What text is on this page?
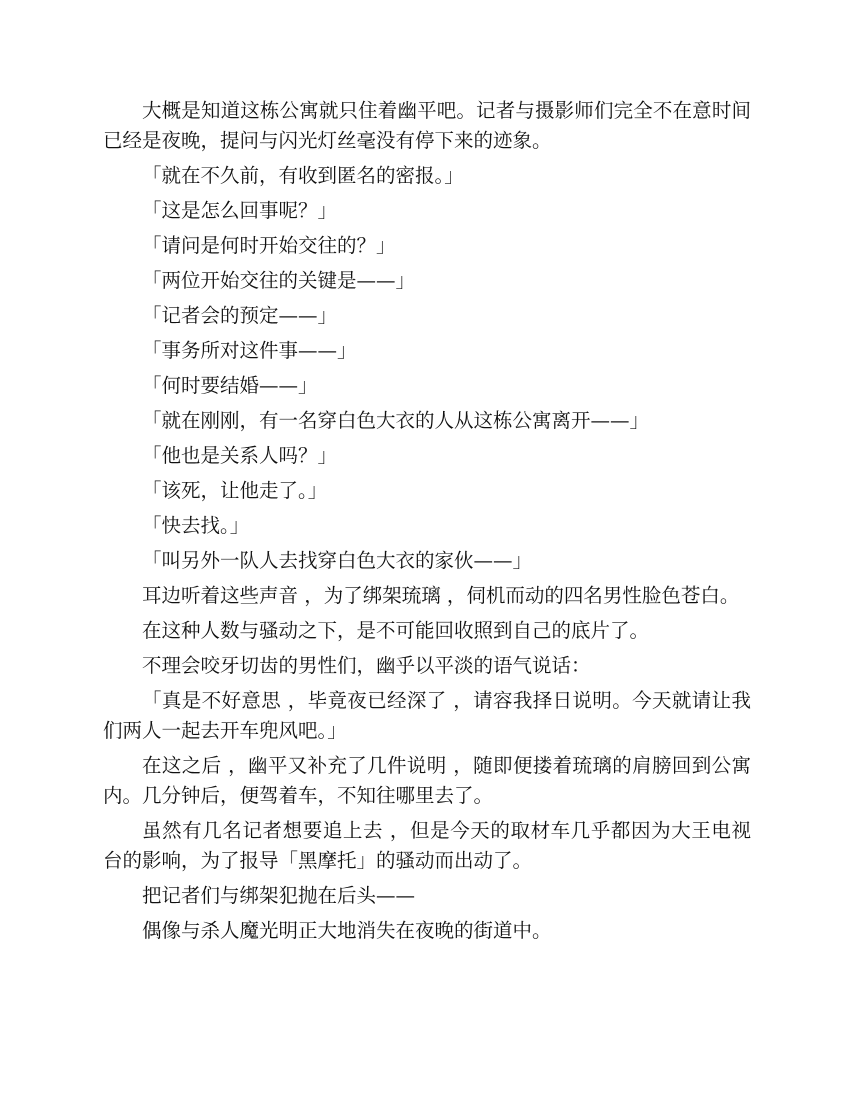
大概是知道这栋公寓就只住着幽平吧。记者与摄影师们完全不在意时间已经是夜晚，提问与闪光灯丝毫没有停下来的迹象。

「就在不久前，有收到匿名的密报。」

「这是怎么回事呢？」

「请问是何时开始交往的？」

「两位开始交往的关键是——」

「记者会的预定——」

「事务所对这件事——」

「何时要结婚——」

「就在刚刚，有一名穿白色大衣的人从这栋公寓离开——」

「他也是关系人吗？」

「该死，让他走了。」

「快去找。」

「叫另外一队人去找穿白色大衣的家伙——」

耳边听着这些声音 ，为了绑架琉璃 ，伺机而动的四名男性脸色苍白。

在这种人数与骚动之下，是不可能回收照到自己的底片了。

不理会咬牙切齿的男性们，幽乎以平淡的语气说话：

「真是不好意思 ，毕竟夜已经深了 ，请容我择日说明。今天就请让我们两人一起去开车兜风吧。」

在这之后 ，幽平又补充了几件说明 ，随即便搂着琉璃的肩膀回到公寓内。几分钟后，便驾着车，不知往哪里去了。

虽然有几名记者想要追上去 ，但是今天的取材车几乎都因为大王电视台的影响，为了报导「黑摩托」的骚动而出动了。

把记者们与绑架犯抛在后头——

偶像与杀人魔光明正大地消失在夜晚的街道中。
